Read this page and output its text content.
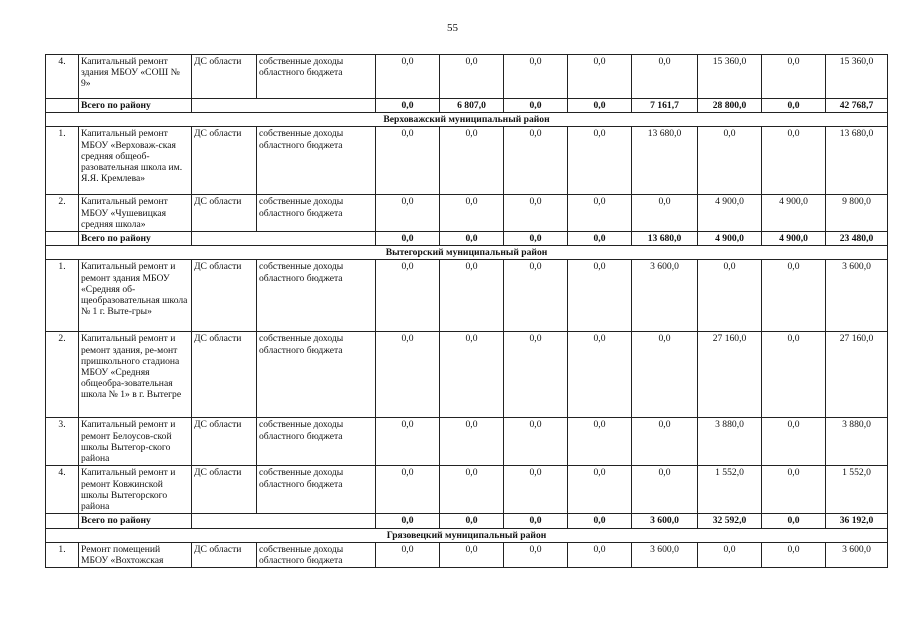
55
4.	Капитальный ремонт здания МБОУ «СОШ № 9»	ДС области	собственные доходы областного бюджета	0,0	0,0	0,0	0,0	0,0	15 360,0	0,0	15 360,0
	Всего по району			0,0	6 807,0	0,0	0,0	7 161,7	28 800,0	0,0	42 768,7
Верховажский муниципальный район											
1.	Капитальный ремонт МБОУ «Верховаж-ская средняя общеоб-разовательная школа им. Я.Я. Кремлева»	ДС области	собственные доходы областного бюджета	0,0	0,0	0,0	0,0	13 680,0	0,0	0,0	13 680,0
2.	Капитальный ремонт МБОУ «Чушевицкая средняя школа»	ДС области	собственные доходы областного бюджета	0,0	0,0	0,0	0,0	0,0	4 900,0	4 900,0	9 800,0
	Всего по району			0,0	0,0	0,0	0,0	13 680,0	4 900,0	4 900,0	23 480,0
Вытегорский муниципальный район											
1.	Капитальный ремонт и ремонт здания МБОУ «Средняя об-щеобразовательная школа № 1 г. Выте-гры»	ДС области	собственные доходы областного бюджета	0,0	0,0	0,0	0,0	3 600,0	0,0	0,0	3 600,0
2.	Капитальный ремонт и ремонт здания, ре-монт пришкольного стадиона МБОУ «Средняя общеобра-зовательная школа № 1» в г. Вытегре	ДС области	собственные доходы областного бюджета	0,0	0,0	0,0	0,0	0,0	27 160,0	0,0	27 160,0
3.	Капитальный ремонт и ремонт Белоусов-ской школы Вытегор-ского района	ДС области	собственные доходы областного бюджета	0,0	0,0	0,0	0,0	0,0	3 880,0	0,0	3 880,0
4.	Капитальный ремонт и ремонт Ковжинской школы Вытегорского района	ДС области	собственные доходы областного бюджета	0,0	0,0	0,0	0,0	0,0	1 552,0	0,0	1 552,0
	Всего по району			0,0	0,0	0,0	0,0	3 600,0	32 592,0	0,0	36 192,0
Грязовецкий муниципальный район											
1.	Ремонт помещений МБОУ «Вохтожская	ДС области	собственные доходы областного бюджета	0,0	0,0	0,0	0,0	3 600,0	0,0	0,0	3 600,0
